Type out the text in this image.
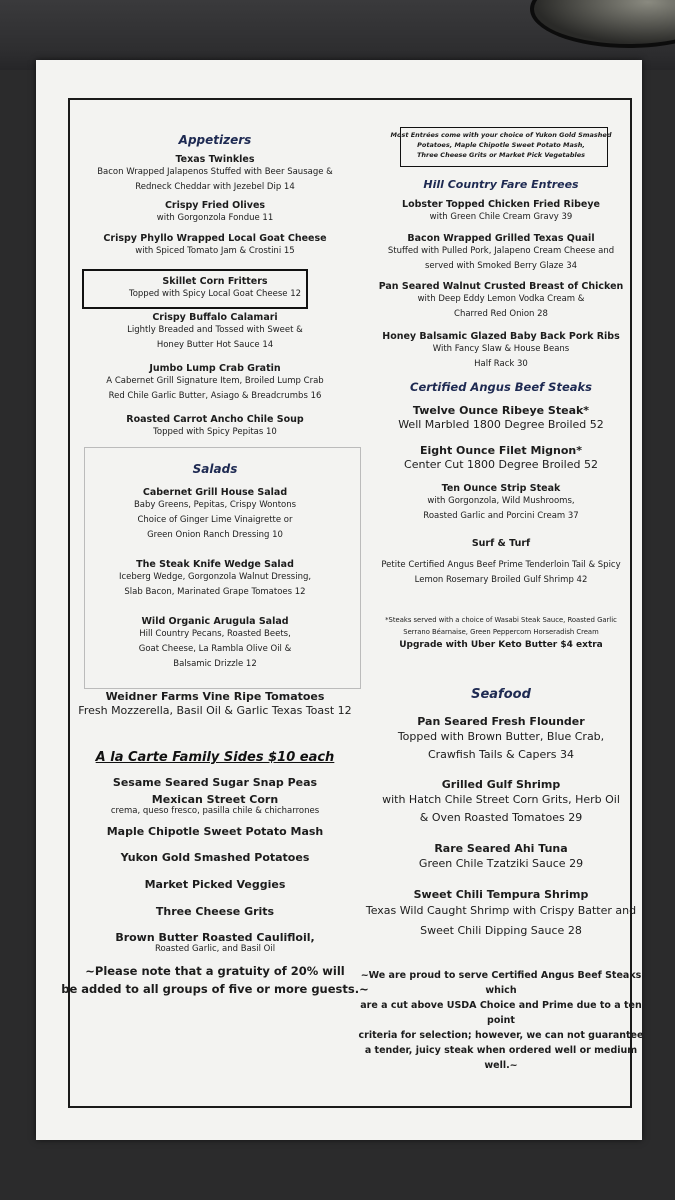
Appetizers

Texas Twinkles

Bacon Wrapped Jalapenos Stuffed with Beer Sausage &

Redneck Cheddar with Jezebel Dip 14

Crispy Fried Olives

with Gorgonzola Fondue 11

Crispy Phyllo Wrapped Local Goat Cheese

with Spiced Tomato Jam & Crostini 15

Skillet Corn Fritters

Topped with Spicy Local Goat Cheese 12

Crispy Buffalo Calamari

Lightly Breaded and Tossed with Sweet &

Honey Butter Hot Sauce 14

Jumbo Lump Crab Gratin

A Cabernet Grill Signature Item, Broiled Lump Crab

Red Chile Garlic Butter, Asiago & Breadcrumbs 16

Roasted Carrot Ancho Chile Soup

Topped with Spicy Pepitas 10

Salads

Cabernet Grill House Salad

Baby Greens, Pepitas, Crispy Wontons

Choice of Ginger Lime Vinaigrette or

Green Onion Ranch Dressing 10

The Steak Knife Wedge Salad

Iceberg Wedge, Gorgonzola Walnut Dressing,

Slab Bacon, Marinated Grape Tomatoes 12

Wild Organic Arugula Salad

Hill Country Pecans, Roasted Beets,

Goat Cheese, La Rambla Olive Oil &

Balsamic Drizzle 12

Weidner Farms Vine Ripe Tomatoes

Fresh Mozzerella, Basil Oil & Garlic Texas Toast 12

A la Carte Family Sides $10 each

Sesame Seared Sugar Snap Peas

Mexican Street Corn

crema, queso fresco, pasilla chile & chicharrones

Maple Chipotle Sweet Potato Mash

Yukon Gold Smashed Potatoes

Market Picked Veggies

Three Cheese Grits

Brown Butter Roasted Caulifloil,

Roasted Garlic, and Basil Oil

~Please note that a gratuity of 20% will

be added to all groups of five or more guests.~

Most Entrées come with your choice of Yukon Gold Smashed
Potatoes, Maple Chipotle Sweet Potato Mash,
Three Cheese Grits or Market Pick Vegetables

Hill Country Fare Entrees

Lobster Topped Chicken Fried Ribeye

with Green Chile Cream Gravy 39

Bacon Wrapped Grilled Texas Quail

Stuffed with Pulled Pork, Jalapeno Cream Cheese and

served with Smoked Berry Glaze 34

Pan Seared Walnut Crusted Breast of Chicken

with Deep Eddy Lemon Vodka Cream &

Charred Red Onion 28

Honey Balsamic Glazed Baby Back Pork Ribs

With Fancy Slaw & House Beans

Half Rack 30

Certified Angus Beef Steaks

Twelve Ounce Ribeye Steak*

Well Marbled 1800 Degree Broiled 52

Eight Ounce Filet Mignon*

Center Cut 1800 Degree Broiled 52

Ten Ounce Strip Steak

with Gorgonzola, Wild Mushrooms,

Roasted Garlic and Porcini Cream 37

Surf & Turf

Petite Certified Angus Beef Prime Tenderloin Tail & Spicy

Lemon Rosemary Broiled Gulf Shrimp 42

*Steaks served with a choice of Wasabi Steak Sauce, Roasted Garlic
Serrano Béarnaise, Green Peppercorn Horseradish Cream

Upgrade with Uber Keto Butter $4 extra

Seafood

Pan Seared Fresh Flounder

Topped with Brown Butter, Blue Crab,

Crawfish Tails & Capers 34

Grilled Gulf Shrimp

with Hatch Chile Street Corn Grits, Herb Oil

& Oven Roasted Tomatoes 29

Rare Seared Ahi Tuna

Green Chile Tzatziki Sauce 29

Sweet Chili Tempura Shrimp

Texas Wild Caught Shrimp with Crispy Batter and

Sweet Chili Dipping Sauce 28

~We are proud to serve Certified Angus Beef Steaks which
are a cut above USDA Choice and Prime due to a ten point
criteria for selection; however, we can not guarantee
a tender, juicy steak when ordered well or medium well.~
